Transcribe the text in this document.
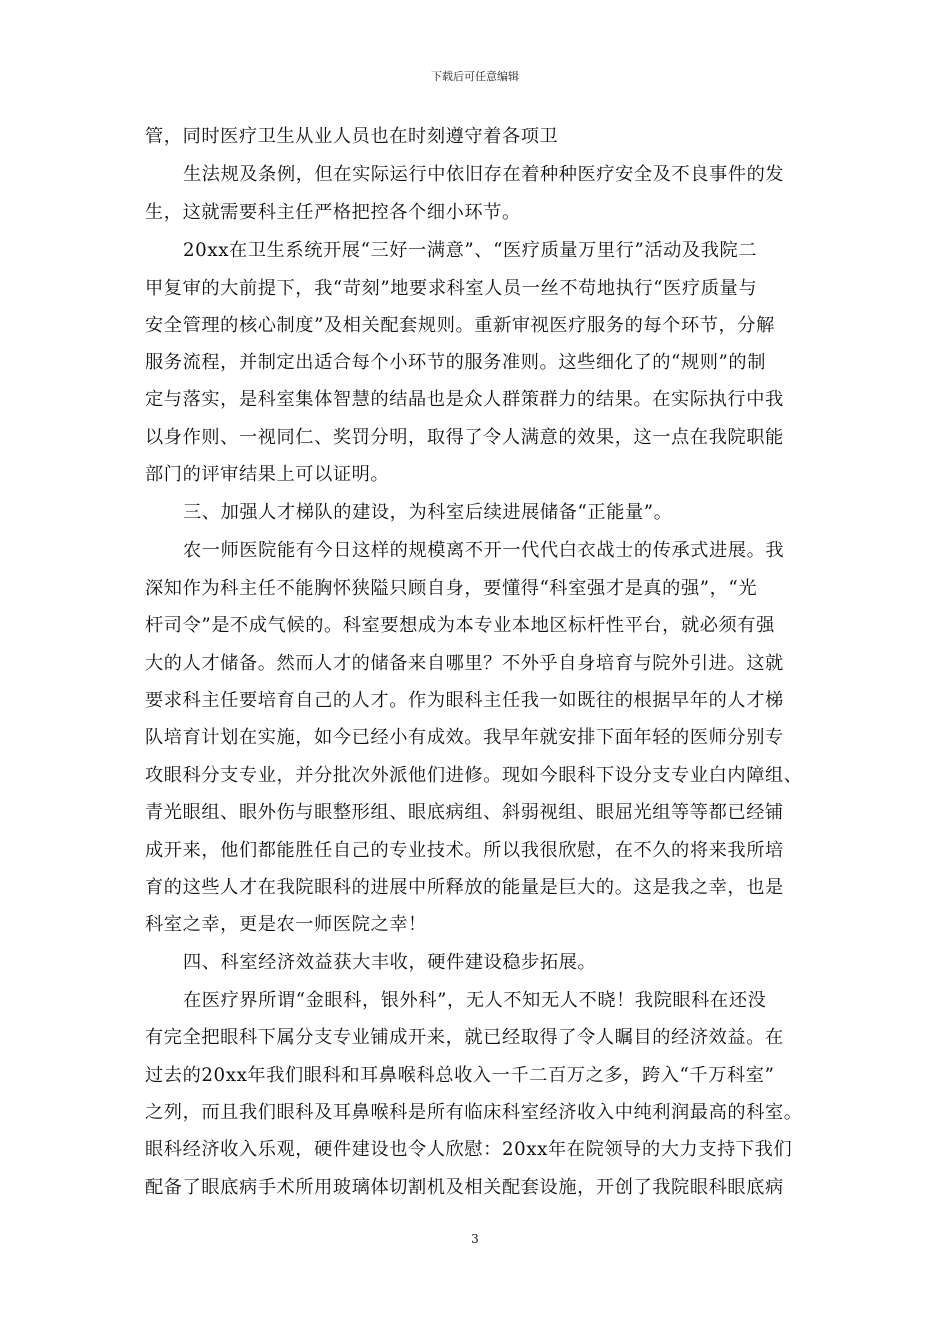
下载后可任意编辑
管，同时医疗卫生从业人员也在时刻遵守着各项卫
生法规及条例，但在实际运行中依旧存在着种种医疗安全及不良事件的发
生，这就需要科主任严格把控各个细小环节。
20xx在卫生系统开展“三好一满意”、“医疗质量万里行”活动及我院二
甲复审的大前提下，我“苛刻”地要求科室人员一丝不苟地执行“医疗质量与
安全管理的核心制度”及相关配套规则。重新审视医疗服务的每个环节，分解
服务流程，并制定出适合每个小环节的服务准则。这些细化了的“规则”的制
定与落实，是科室集体智慧的结晶也是众人群策群力的结果。在实际执行中我
以身作则、一视同仁、奖罚分明，取得了令人满意的效果，这一点在我院职能
部门的评审结果上可以证明。
三、加强人才梯队的建设，为科室后续进展储备“正能量”。
农一师医院能有今日这样的规模离不开一代代白衣战士的传承式进展。我
深知作为科主任不能胸怀狭隘只顾自身，要懂得“科室强才是真的强”，“光
杆司令”是不成气候的。科室要想成为本专业本地区标杆性平台，就必须有强
大的人才储备。然而人才的储备来自哪里？不外乎自身培育与院外引进。这就
要求科主任要培育自己的人才。作为眼科主任我一如既往的根据早年的人才梯
队培育计划在实施，如今已经小有成效。我早年就安排下面年轻的医师分别专
攻眼科分支专业，并分批次外派他们进修。现如今眼科下设分支专业白内障组、
青光眼组、眼外伤与眼整形组、眼底病组、斜弱视组、眼屈光组等等都已经铺
成开来，他们都能胜任自己的专业技术。所以我很欣慰，在不久的将来我所培
育的这些人才在我院眼科的进展中所释放的能量是巨大的。这是我之幸，也是
科室之幸，更是农一师医院之幸！
四、科室经济效益获大丰收，硬件建设稳步拓展。
在医疗界所谓“金眼科，银外科”，无人不知无人不晓！我院眼科在还没
有完全把眼科下属分支专业铺成开来，就已经取得了令人瞩目的经济效益。在
过去的20xx年我们眼科和耳鼻喉科总收入一千二百万之多，跨入“千万科室”
之列，而且我们眼科及耳鼻喉科是所有临床科室经济收入中纯利润最高的科室。
眼科经济收入乐观，硬件建设也令人欣慰：20xx年在院领导的大力支持下我们
配备了眼底病手术所用玻璃体切割机及相关配套设施，开创了我院眼科眼底病
3
